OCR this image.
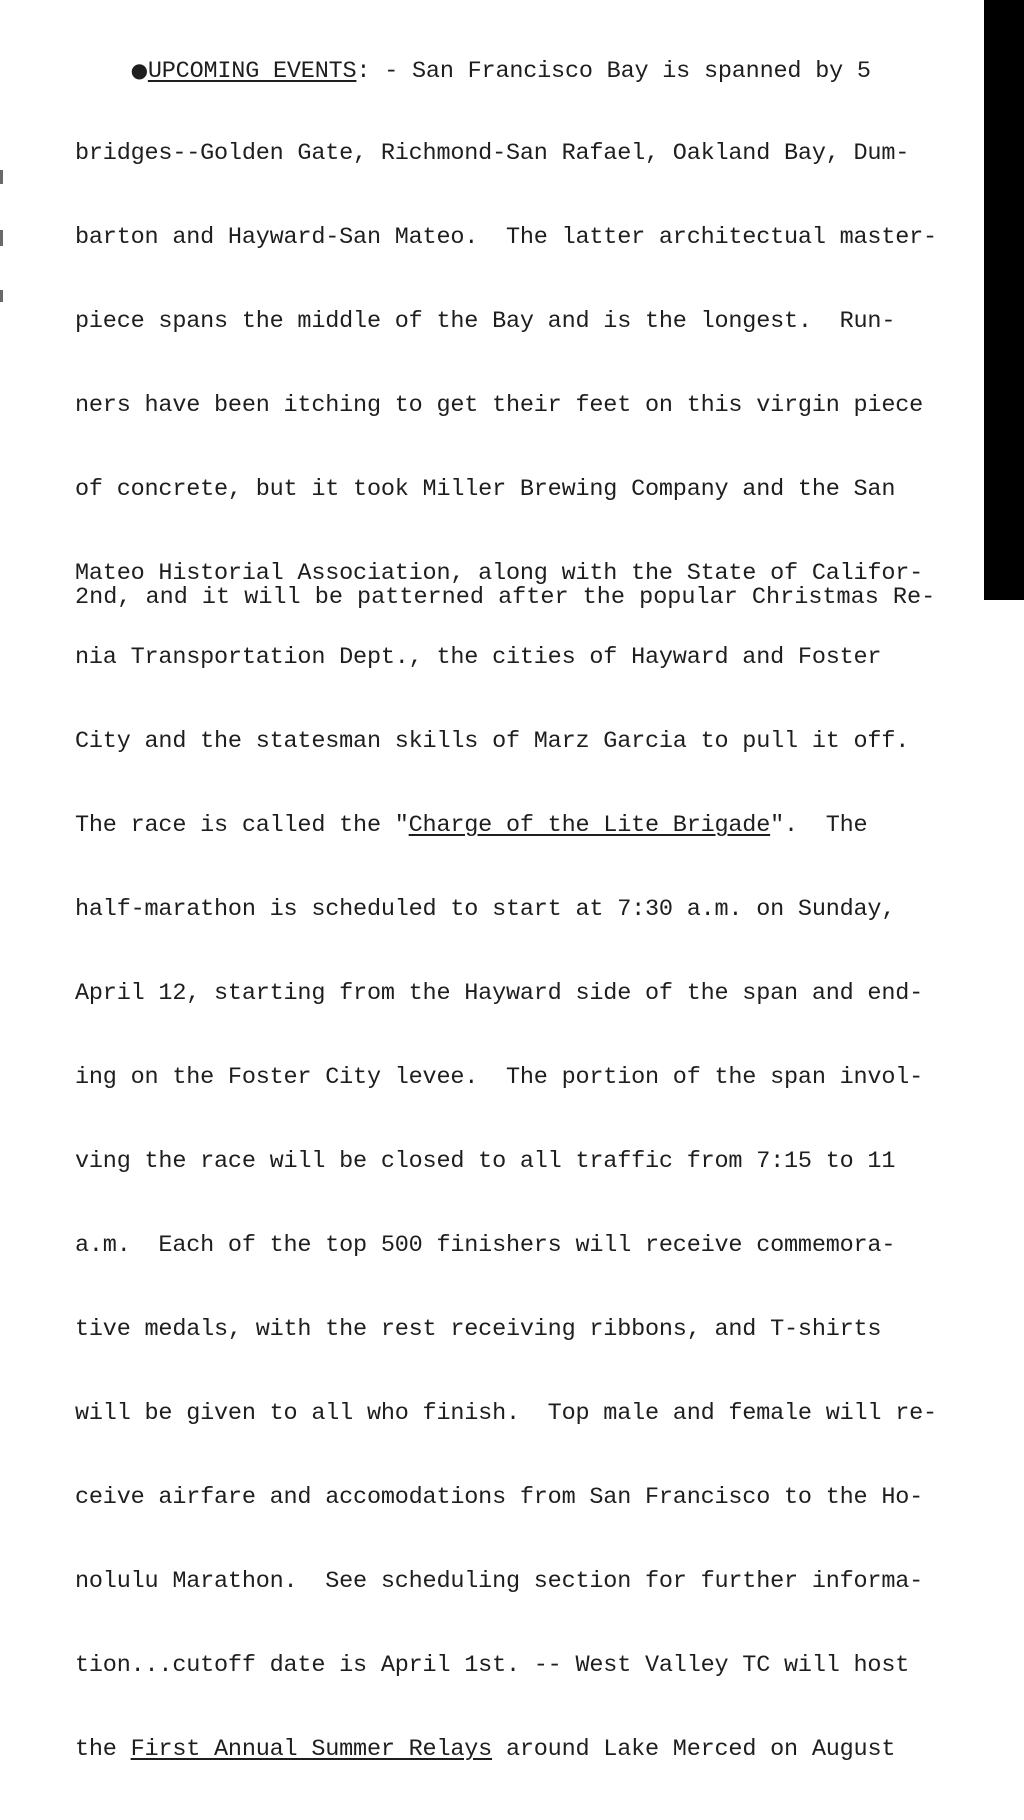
●UPCOMING EVENTS: - San Francisco Bay is spanned by 5

bridges--Golden Gate, Richmond-San Rafael, Oakland Bay, Dum-

barton and Hayward-San Mateo.  The latter architectual master-

piece spans the middle of the Bay and is the longest.  Run-

ners have been itching to get their feet on this virgin piece

of concrete, but it took Miller Brewing Company and the San

Mateo Historial Association, along with the State of Califor-

nia Transportation Dept., the cities of Hayward and Foster

City and the statesman skills of Marz Garcia to pull it off.

The race is called the "Charge of the Lite Brigade".  The

half-marathon is scheduled to start at 7:30 a.m. on Sunday,

April 12, starting from the Hayward side of the span and end-

ing on the Foster City levee.  The portion of the span invol-

ving the race will be closed to all traffic from 7:15 to 11

a.m.  Each of the top 500 finishers will receive commemora-

tive medals, with the rest receiving ribbons, and T-shirts

will be given to all who finish.  Top male and female will re-

ceive airfare and accomodations from San Francisco to the Ho-

nolulu Marathon.  See scheduling section for further informa-

tion...cutoff date is April 1st. -- West Valley TC will host

the First Annual Summer Relays around Lake Merced on August

2nd, and it will be patterned after the popular Christmas Re-
